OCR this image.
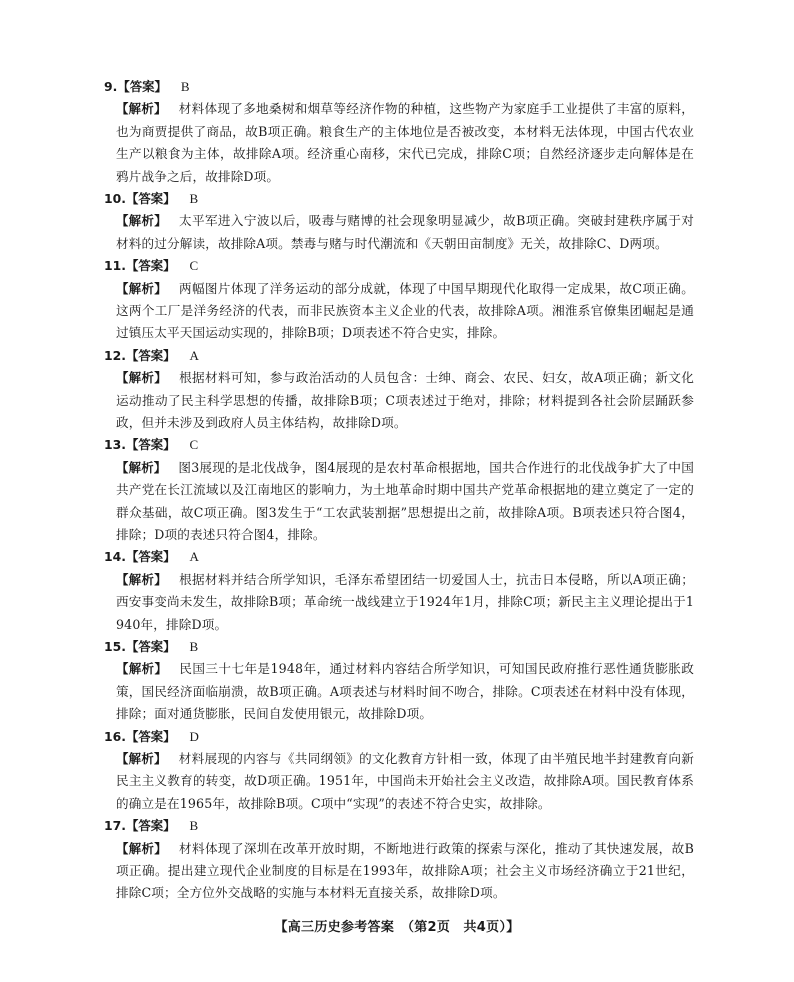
9.【答案】 B
【解析】 材料体现了多地桑树和烟草等经济作物的种植，这些物产为家庭手工业提供了丰富的原料，也为商贾提供了商品，故B项正确。粮食生产的主体地位是否被改变，本材料无法体现，中国古代农业生产以粮食为主体，故排除A项。经济重心南移，宋代已完成，排除C项；自然经济逐步走向解体是在鸦片战争之后，故排除D项。
10.【答案】 B
【解析】 太平军进入宁波以后，吸毒与赌博的社会现象明显减少，故B项正确。突破封建秩序属于对材料的过分解读，故排除A项。禁毒与赌与时代潮流和《天朝田亩制度》无关，故排除C、D两项。
11.【答案】 C
【解析】 两幅图片体现了洋务运动的部分成就，体现了中国早期现代化取得一定成果，故C项正确。这两个工厂是洋务经济的代表，而非民族资本主义企业的代表，故排除A项。湘淮系官僚集团崛起是通过镇压太平天国运动实现的，排除B项；D项表述不符合史实，排除。
12.【答案】 A
【解析】 根据材料可知，参与政治活动的人员包含：士绅、商会、农民、妇女，故A项正确；新文化运动推动了民主科学思想的传播，故排除B项；C项表述过于绝对，排除；材料提到各社会阶层踊跃参政，但并未涉及到政府人员主体结构，故排除D项。
13.【答案】 C
【解析】 图3展现的是北伐战争，图4展现的是农村革命根据地，国共合作进行的北伐战争扩大了中国共产党在长江流域以及江南地区的影响力，为土地革命时期中国共产党革命根据地的建立奠定了一定的群众基础，故C项正确。图3发生于“工农武装割据”思想提出之前，故排除A项。B项表述只符合图4，排除；D项的表述只符合图4，排除。
14.【答案】 A
【解析】 根据材料并结合所学知识，毛泽东希望团结一切爱国人士，抗击日本侵略，所以A项正确；西安事变尚未发生，故排除B项；革命统一战线建立于1924年1月，排除C项；新民主主义理论提出于1940年，排除D项。
15.【答案】 B
【解析】 民国三十七年是1948年，通过材料内容结合所学知识，可知国民政府推行恶性通货膨胀政策，国民经济面临崩溃，故B项正确。A项表述与材料时间不吻合，排除。C项表述在材料中没有体现，排除；面对通货膨胀，民间自发使用银元，故排除D项。
16.【答案】 D
【解析】 材料展现的内容与《共同纲领》的文化教育方针相一致，体现了由半殖民地半封建教育向新民主主义教育的转变，故D项正确。1951年，中国尚未开始社会主义改造，故排除A项。国民教育体系的确立是在1965年，故排除B项。C项中“实现”的表述不符合史实，故排除。
17.【答案】 B
【解析】 材料体现了深圳在改革开放时期，不断地进行政策的探索与深化，推动了其快速发展，故B项正确。提出建立现代企业制度的目标是在1993年，故排除A项；社会主义市场经济确立于21世纪，排除C项；全方位外交战略的实施与本材料无直接关系，故排除D项。
【高三历史参考答案　（第2页　共4页）】
